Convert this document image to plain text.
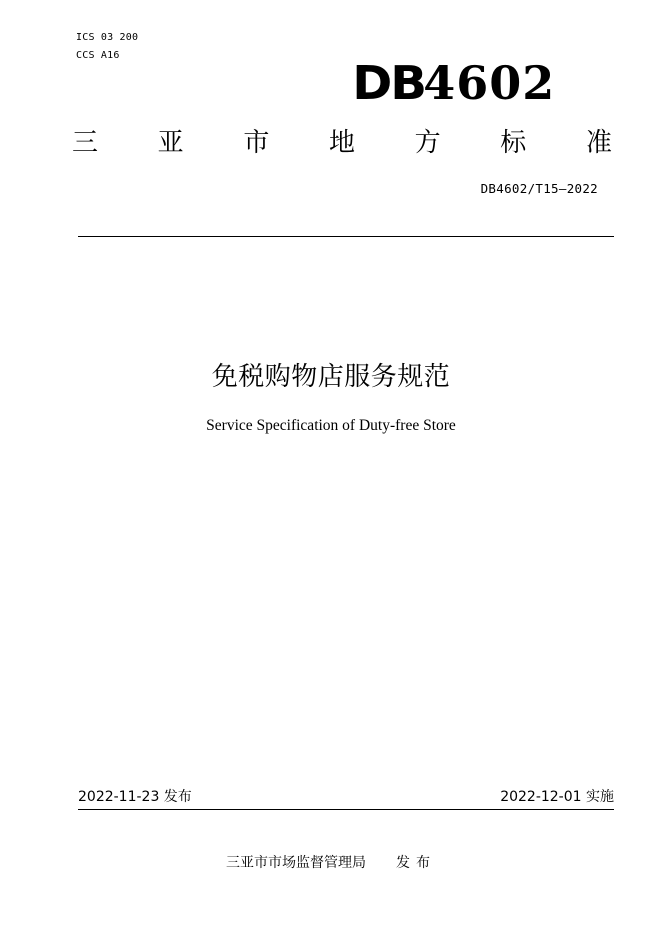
ICS 03 200
CCS A16
DB4602
三 亚 市 地 方 标 准
DB4602/T15—2022
免税购物店服务规范
Service Specification of Duty-free Store
2022-11-23 发布	2022-12-01 实施
三亚市市场监督管理局 发布
